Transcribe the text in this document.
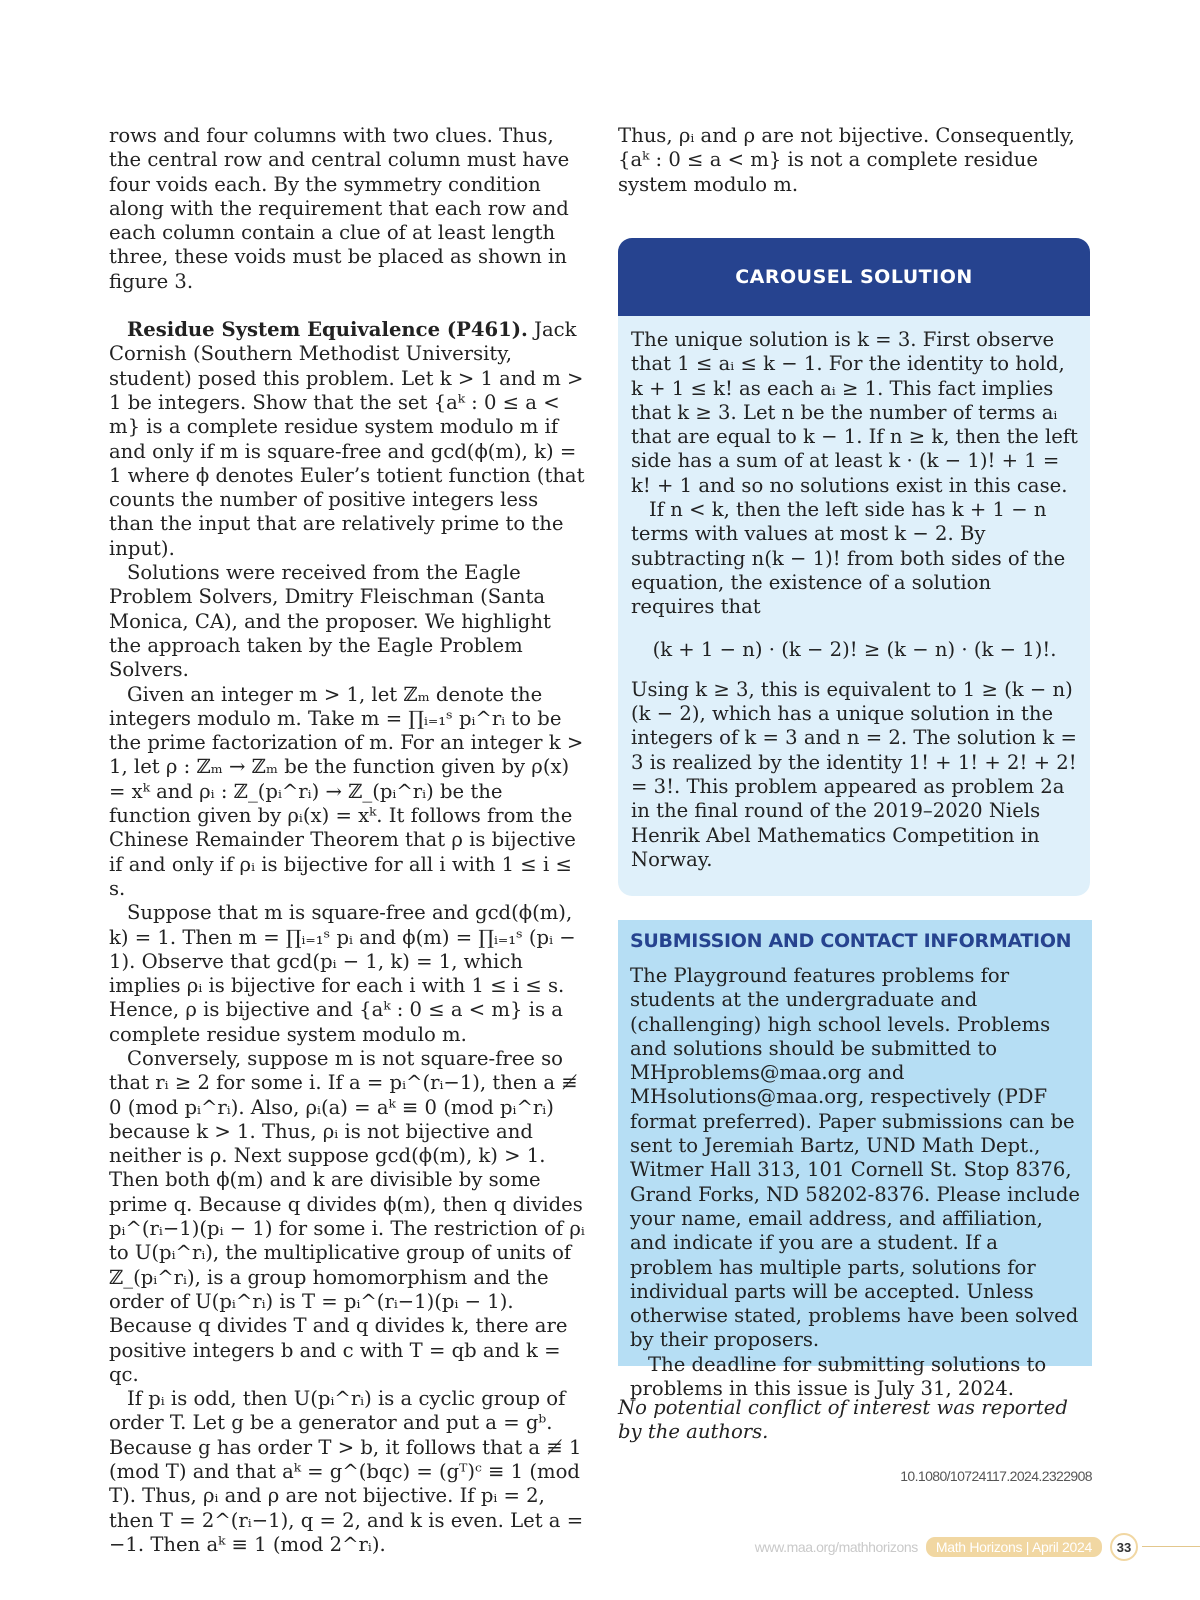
rows and four columns with two clues. Thus, the central row and central column must have four voids each. By the symmetry condition along with the requirement that each row and each column contain a clue of at least length three, these voids must be placed as shown in figure 3.

Residue System Equivalence (P461). Jack Cornish (Southern Methodist University, student) posed this problem. Let k > 1 and m > 1 be integers. Show that the set {aᵏ : 0 ≤ a < m} is a complete residue system modulo m if and only if m is square-free and gcd(ϕ(m), k) = 1 where ϕ denotes Euler’s totient function (that counts the number of positive integers less than the input that are relatively prime to the input).

Solutions were received from the Eagle Problem Solvers, Dmitry Fleischman (Santa Monica, CA), and the proposer. We highlight the approach taken by the Eagle Problem Solvers.

Given an integer m > 1, let ℤₘ denote the integers modulo m. Take m = ∏ᵢ₌₁ˢ pᵢ^rᵢ to be the prime factorization of m. For an integer k > 1, let ρ : ℤₘ → ℤₘ be the function given by ρ(x) = xᵏ and ρᵢ : ℤ_(pᵢ^rᵢ) → ℤ_(pᵢ^rᵢ) be the function given by ρᵢ(x) = xᵏ. It follows from the Chinese Remainder Theorem that ρ is bijective if and only if ρᵢ is bijective for all i with 1 ≤ i ≤ s.

Suppose that m is square-free and gcd(ϕ(m), k) = 1. Then m = ∏ᵢ₌₁ˢ pᵢ and ϕ(m) = ∏ᵢ₌₁ˢ (pᵢ − 1). Observe that gcd(pᵢ − 1, k) = 1, which implies ρᵢ is bijective for each i with 1 ≤ i ≤ s. Hence, ρ is bijective and {aᵏ : 0 ≤ a < m} is a complete residue system modulo m.

Conversely, suppose m is not square-free so that rᵢ ≥ 2 for some i. If a = pᵢ^(rᵢ−1), then a ≢ 0 (mod pᵢ^rᵢ). Also, ρᵢ(a) = aᵏ ≡ 0 (mod pᵢ^rᵢ) because k > 1. Thus, ρᵢ is not bijective and neither is ρ. Next suppose gcd(ϕ(m), k) > 1. Then both ϕ(m) and k are divisible by some prime q. Because q divides ϕ(m), then q divides pᵢ^(rᵢ−1)(pᵢ − 1) for some i. The restriction of ρᵢ to U(pᵢ^rᵢ), the multiplicative group of units of ℤ_(pᵢ^rᵢ), is a group homomorphism and the order of U(pᵢ^rᵢ) is T = pᵢ^(rᵢ−1)(pᵢ − 1). Because q divides T and q divides k, there are positive integers b and c with T = qb and k = qc.

If pᵢ is odd, then U(pᵢ^rᵢ) is a cyclic group of order T. Let g be a generator and put a = gᵇ. Because g has order T > b, it follows that a ≢ 1 (mod T) and that aᵏ = g^(bqc) = (gᵀ)ᶜ ≡ 1 (mod T). Thus, ρᵢ and ρ are not bijective. If pᵢ = 2, then T = 2^(rᵢ−1), q = 2, and k is even. Let a = −1. Then aᵏ ≡ 1 (mod 2^rᵢ).

Thus, ρᵢ and ρ are not bijective. Consequently, {aᵏ : 0 ≤ a < m} is not a complete residue system modulo m.

CAROUSEL SOLUTION

The unique solution is k = 3. First observe that 1 ≤ aᵢ ≤ k − 1. For the identity to hold, k + 1 ≤ k! as each aᵢ ≥ 1. This fact implies that k ≥ 3. Let n be the number of terms aᵢ that are equal to k − 1. If n ≥ k, then the left side has a sum of at least k · (k − 1)! + 1 = k! + 1 and so no solutions exist in this case.

If n < k, then the left side has k + 1 − n terms with values at most k − 2. By subtracting n(k − 1)! from both sides of the equation, the existence of a solution requires that

(k + 1 − n) · (k − 2)! ≥ (k − n) · (k − 1)!.

Using k ≥ 3, this is equivalent to 1 ≥ (k − n)(k − 2), which has a unique solution in the integers of k = 3 and n = 2. The solution k = 3 is realized by the identity 1! + 1! + 2! + 2! = 3!. This problem appeared as problem 2a in the final round of the 2019–2020 Niels Henrik Abel Mathematics Competition in Norway.

SUBMISSION AND CONTACT INFORMATION

The Playground features problems for students at the undergraduate and (challenging) high school levels. Problems and solutions should be submitted to MHproblems@maa.org and MHsolutions@maa.org, respectively (PDF format preferred). Paper submissions can be sent to Jeremiah Bartz, UND Math Dept., Witmer Hall 313, 101 Cornell St. Stop 8376, Grand Forks, ND 58202-8376. Please include your name, email address, and affiliation, and indicate if you are a student. If a problem has multiple parts, solutions for individual parts will be accepted. Unless otherwise stated, problems have been solved by their proposers.

The deadline for submitting solutions to problems in this issue is July 31, 2024.

No potential conflict of interest was reported by the authors.
10.1080/10724117.2024.2322908
www.maa.org/mathhorizons	Math Horizons | April 2024	33
